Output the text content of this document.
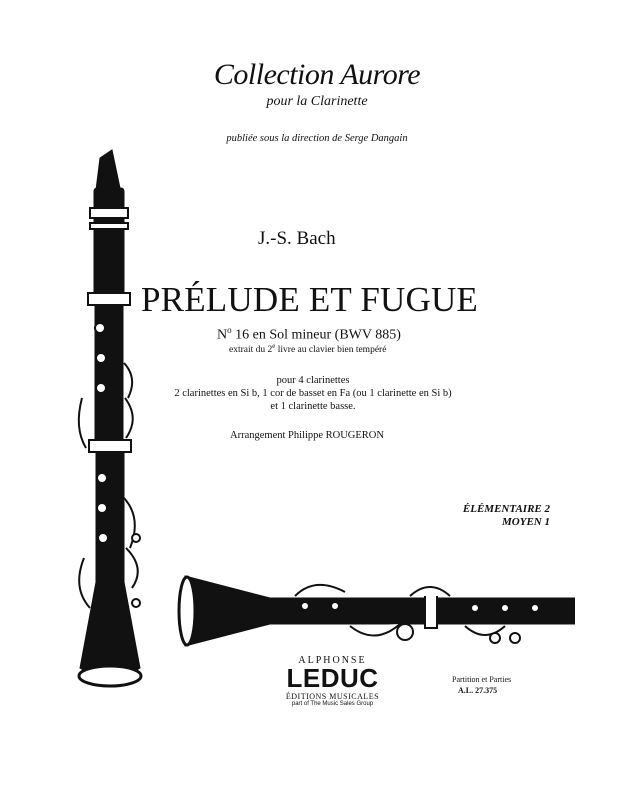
Collection Aurore
pour la Clarinette
publiée sous la direction de Serge Dangain
J.-S. Bach
PRÉLUDE ET FUGUE
$N^o$ 16 en Sol mineur (BWV 885)
extrait du 2e livre au clavier bien tempéré
pour 4 clarinettes
2 clarinettes en Si b, 1 cor de basset en Fa (ou 1 clarinette en Si b)
et 1 clarinette basse.
Arrangement Philippe ROUGERON
ÉLÉMENTAIRE 2
MOYEN 1
ALPHONSE
LEDUC
ÉDITIONS MUSICALES
part of The Music Sales Group
Partition et Parties
A.L. 27.375
